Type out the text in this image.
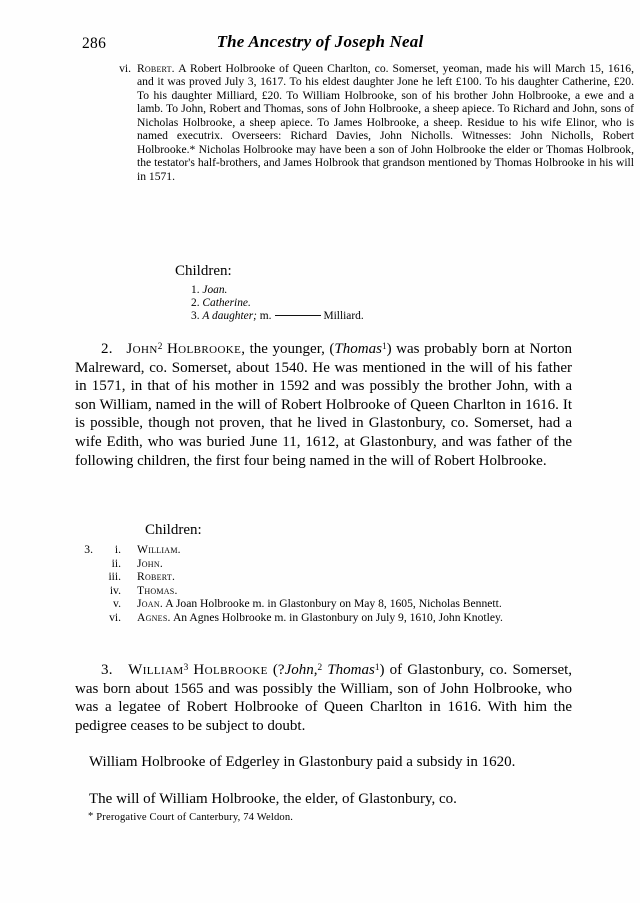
286	The Ancestry of Joseph Neal
vi. Robert. A Robert Holbrooke of Queen Charlton, co. Somerset, yeoman, made his will March 15, 1616, and it was proved July 3, 1617. To his eldest daughter Jone he left £100. To his daughter Catherine, £20. To his daughter Milliard, £20. To William Holbrooke, son of his brother John Holbrooke, a ewe and a lamb. To John, Robert and Thomas, sons of John Holbrooke, a sheep apiece. To Richard and John, sons of Nicholas Holbrooke, a sheep apiece. To James Holbrooke, a sheep. Residue to his wife Elinor, who is named executrix. Overseers: Richard Davies, John Nicholls. Witnesses: John Nicholls, Robert Holbrooke.* Nicholas Holbrooke may have been a son of John Holbrooke the elder or Thomas Holbrook, the testator's half-brothers, and James Holbrook that grandson mentioned by Thomas Holbrooke in his will in 1571.
Children:
1. Joan.
2. Catherine.
3. A daughter; m.	Milliard.
2. John$^2$ Holbrooke, the younger, (Thomas$^1$) was probably born at Norton Malreward, co. Somerset, about 1540. He was mentioned in the will of his father in 1571, in that of his mother in 1592 and was possibly the brother John, with a son William, named in the will of Robert Holbrooke of Queen Charlton in 1616. It is possible, though not proven, that he lived in Glastonbury, co. Somerset, had a wife Edith, who was buried June 11, 1612, at Glastonbury, and was father of the following children, the first four being named in the will of Robert Holbrooke.
Children:
3.	i. William.
ii. John.
iii. Robert.
iv. Thomas.
v. Joan. A Joan Holbrooke m. in Glastonbury on May 8, 1605, Nicholas Bennett.
vi. Agnes. An Agnes Holbrooke m. in Glastonbury on July 9, 1610, John Knotley.
3. William$^3$ Holbrooke (?John,$^2$ Thomas$^1$) of Glastonbury, co. Somerset, was born about 1565 and was possibly the William, son of John Holbrooke, who was a legatee of Robert Holbrooke of Queen Charlton in 1616. With him the pedigree ceases to be subject to doubt.
William Holbrooke of Edgerley in Glastonbury paid a subsidy in 1620.
The will of William Holbrooke, the elder, of Glastonbury, co.
* Prerogative Court of Canterbury, 74 Weldon.
